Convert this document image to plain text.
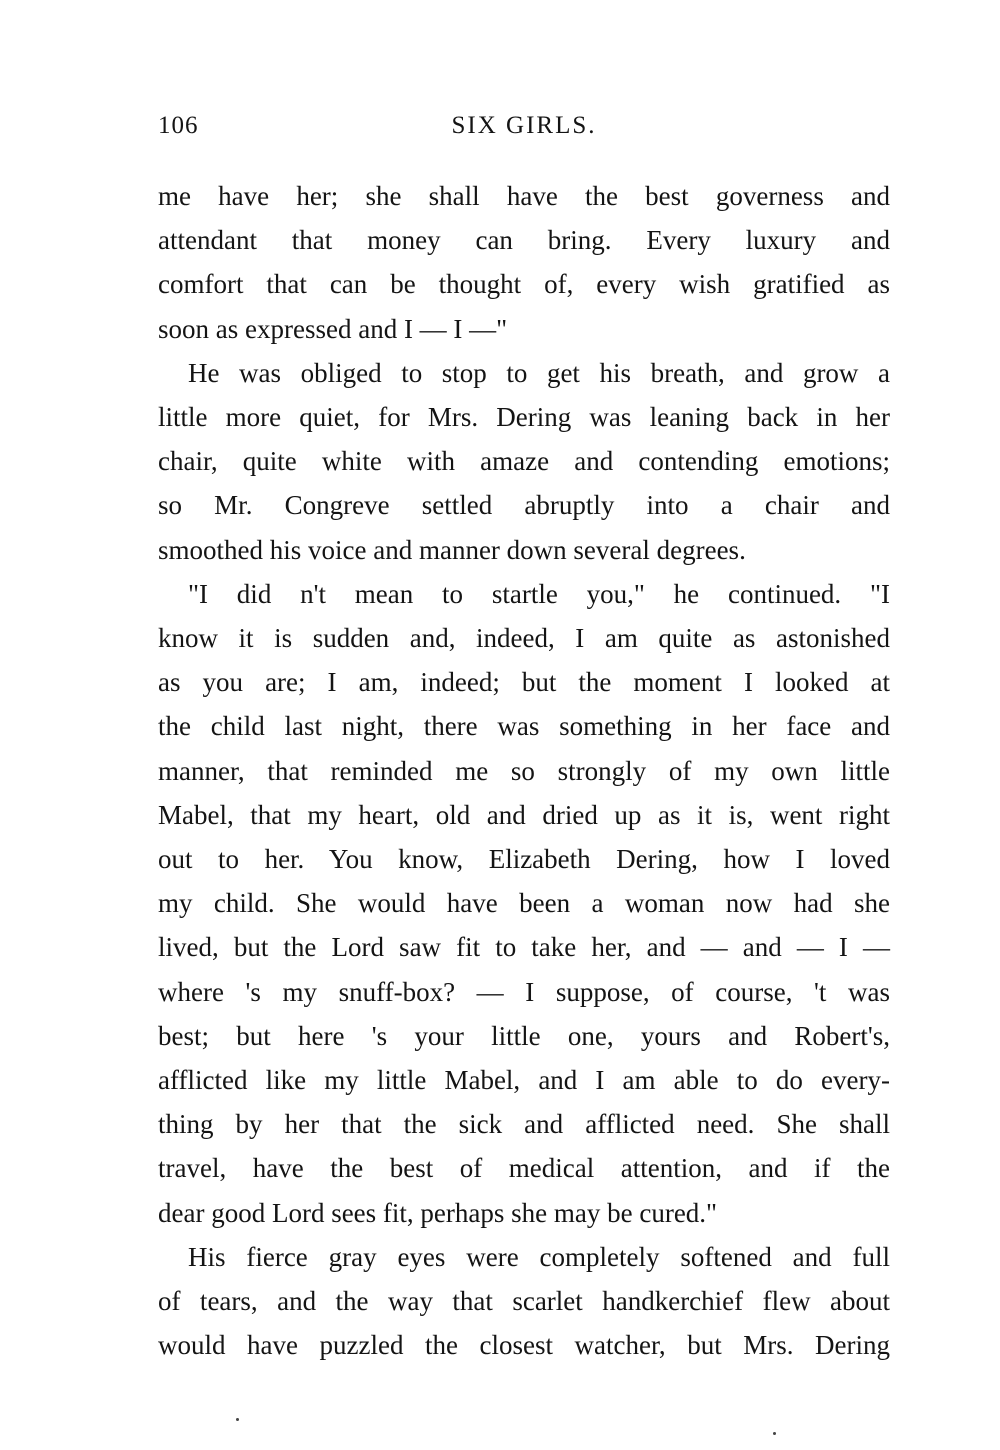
106	SIX GIRLS.

me have her; she shall have the best governess and
attendant that money can bring. Every luxury and
comfort that can be thought of, every wish gratified as
soon as expressed and I — I —"

He was obliged to stop to get his breath, and grow a
little more quiet, for Mrs. Dering was leaning back in her
chair, quite white with amaze and contending emotions;
so Mr. Congreve settled abruptly into a chair and
smoothed his voice and manner down several degrees.

"I did n't mean to startle you," he continued. "I
know it is sudden and, indeed, I am quite as astonished
as you are; I am, indeed; but the moment I looked at
the child last night, there was something in her face and
manner, that reminded me so strongly of my own little
Mabel, that my heart, old and dried up as it is, went right
out to her. You know, Elizabeth Dering, how I loved
my child. She would have been a woman now had she
lived, but the Lord saw fit to take her, and — and — I —
where 's my snuff-box? — I suppose, of course, 't was
best; but here 's your little one, yours and Robert's,
afflicted like my little Mabel, and I am able to do every-
thing by her that the sick and afflicted need. She shall
travel, have the best of medical attention, and if the
dear good Lord sees fit, perhaps she may be cured."

His fierce gray eyes were completely softened and full
of tears, and the way that scarlet handkerchief flew about
would have puzzled the closest watcher, but Mrs. Dering
